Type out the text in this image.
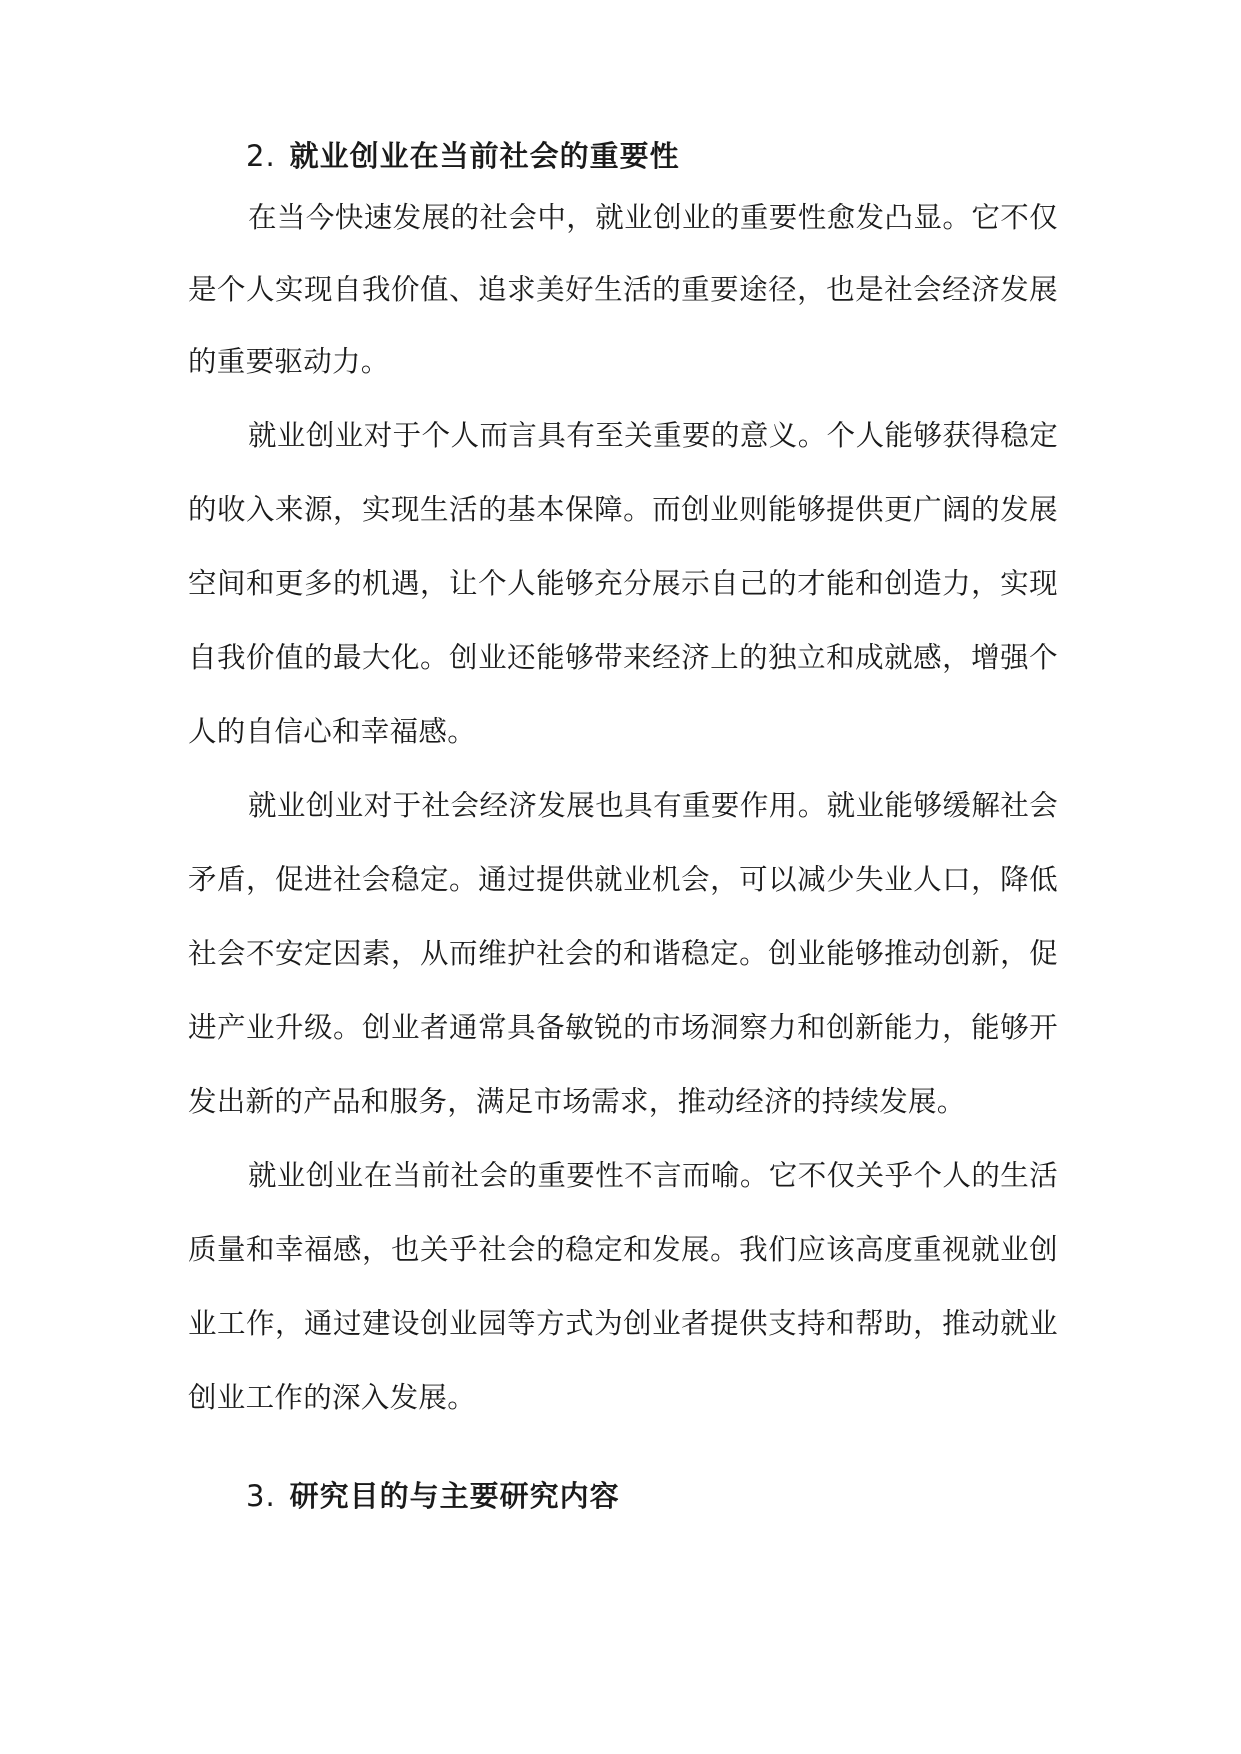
2. 就业创业在当前社会的重要性

在当今快速发展的社会中，就业创业的重要性愈发凸显。它不仅

是个人实现自我价值、追求美好生活的重要途径，也是社会经济发展

的重要驱动力。

就业创业对于个人而言具有至关重要的意义。个人能够获得稳定

的收入来源，实现生活的基本保障。而创业则能够提供更广阔的发展

空间和更多的机遇，让个人能够充分展示自己的才能和创造力，实现

自我价值的最大化。创业还能够带来经济上的独立和成就感，增强个

人的自信心和幸福感。

就业创业对于社会经济发展也具有重要作用。就业能够缓解社会

矛盾，促进社会稳定。通过提供就业机会，可以减少失业人口，降低

社会不安定因素，从而维护社会的和谐稳定。创业能够推动创新，促

进产业升级。创业者通常具备敏锐的市场洞察力和创新能力，能够开

发出新的产品和服务，满足市场需求，推动经济的持续发展。

就业创业在当前社会的重要性不言而喻。它不仅关乎个人的生活

质量和幸福感，也关乎社会的稳定和发展。我们应该高度重视就业创

业工作，通过建设创业园等方式为创业者提供支持和帮助，推动就业

创业工作的深入发展。

3. 研究目的与主要研究内容
